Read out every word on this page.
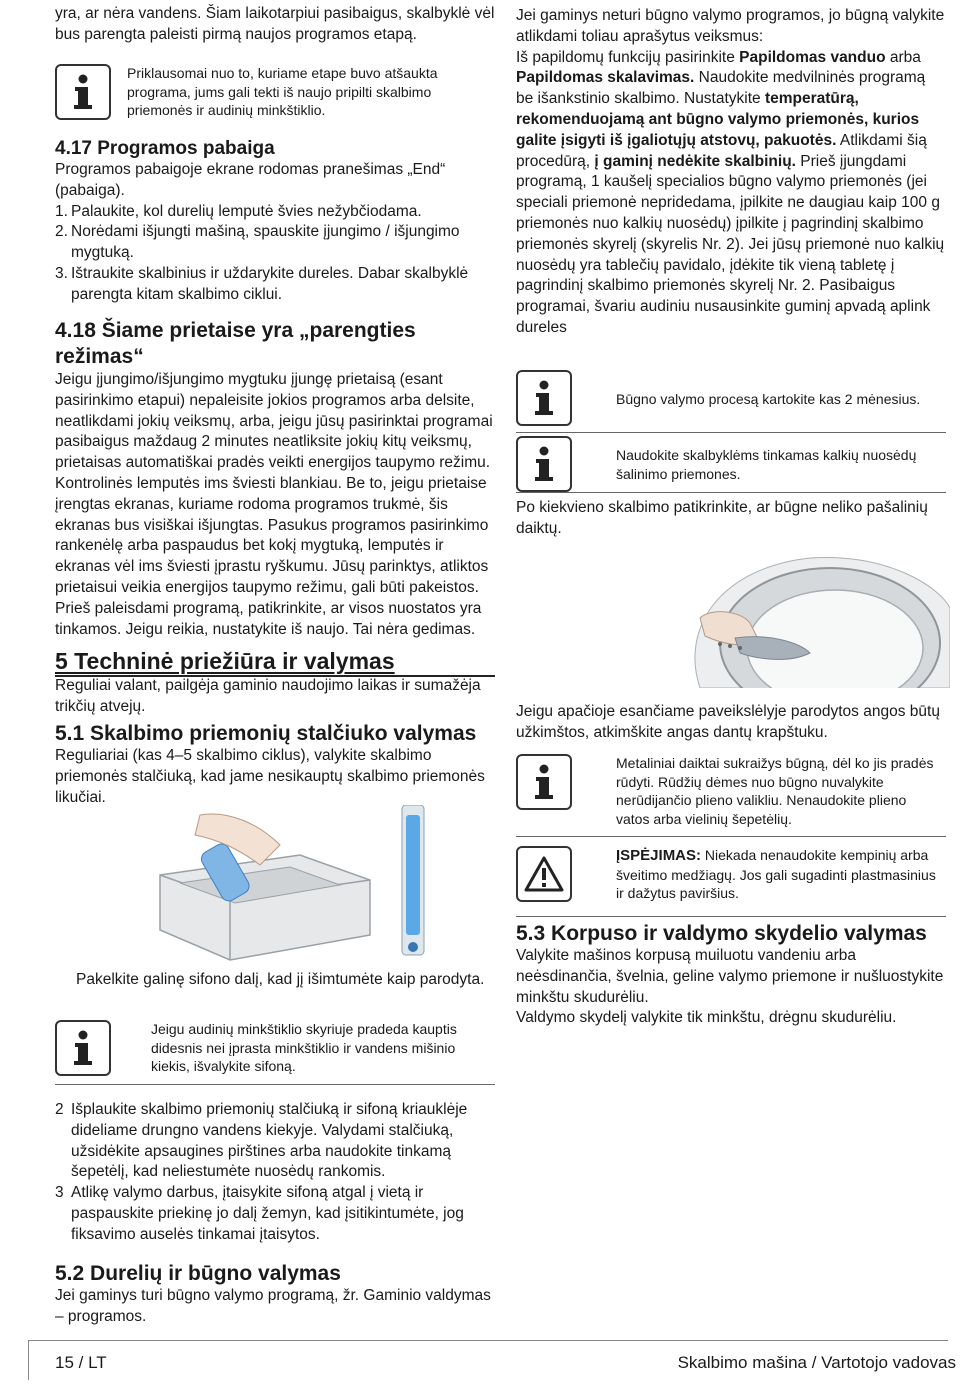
yra, ar nėra vandens. Šiam laikotarpiui pasibaigus, skalbyklė vėl bus parengta paleisti pirmą naujos programos etapą.

Priklausomai nuo to, kuriame etape buvo atšaukta programa, jums gali tekti iš naujo pripilti skalbimo priemonės ir audinių minkštiklio.

4.17 Programos pabaiga

Programos pabaigoje ekrane rodomas pranešimas „End“ (pabaiga).

1. Palaukite, kol durelių lemputė švies nežybčiodama.
2. Norėdami išjungti mašiną, spauskite įjungimo / išjungimo mygtuką.
3. Ištraukite skalbinius ir uždarykite dureles. Dabar skalbyklė parengta kitam skalbimo ciklui.

4.18 Šiame prietaise yra „parengties režimas“

Jeigu įjungimo/išjungimo mygtuku įjungę prietaisą (esant pasirinkimo etapui) nepaleisite jokios programos arba delsite, neatlikdami jokių veiksmų, arba, jeigu jūsų pasirinktai programai pasibaigus maždaug 2 minutes neatliksite jokių kitų veiksmų, prietaisas automatiškai pradės veikti energijos taupymo režimu. Kontrolinės lemputės ims šviesti blankiau. Be to, jeigu prietaise įrengtas ekranas, kuriame rodoma programos trukmė, šis ekranas bus visiškai išjungtas. Pasukus programos pasirinkimo rankenėlę arba paspaudus bet kokį mygtuką, lemputės ir ekranas vėl ims šviesti įprastu ryškumu. Jūsų parinktys, atliktos prietaisui veikia energijos taupymo režimu, gali būti pakeistos. Prieš paleisdami programą, patikrinkite, ar visos nuostatos yra tinkamos. Jeigu reikia, nustatykite iš naujo. Tai nėra gedimas.

5 Techninė priežiūra ir valymas

Reguliai valant, pailgėja gaminio naudojimo laikas ir sumažėja trikčių atvejų.

5.1 Skalbimo priemonių stalčiuko valymas

Reguliariai (kas 4–5 skalbimo ciklus), valykite skalbimo priemonės stalčiuką, kad jame nesikauptų skalbimo priemonės likučiai.

Pakelkite galinę sifono dalį, kad jį išimtumėte kaip parodyta.

Jeigu audinių minkštiklio skyriuje pradeda kauptis didesnis nei įprasta minkštiklio ir vandens mišinio kiekis, išvalykite sifoną.

2 Išplaukite skalbimo priemonių stalčiuką ir sifoną kriauklėje dideliame drungno vandens kiekyje. Valydami stalčiuką, užsidėkite apsaugines pirštines arba naudokite tinkamą šepetėlį, kad neliestumėte nuosėdų rankomis.
3 Atlikę valymo darbus, įtaisykite sifoną atgal į vietą ir paspauskite priekinę jo dalį žemyn, kad įsitikintumėte, jog fiksavimo auselės tinkamai įtaisytos.

5.2 Durelių ir būgno valymas

Jei gaminys turi būgno valymo programą, žr. Gaminio valdymas – programos.

Jei gaminys neturi būgno valymo programos, jo būgną valykite atlikdami toliau aprašytus veiksmus:
Iš papildomų funkcijų pasirinkite Papildomas vanduo arba Papildomas skalavimas. Naudokite medvilninės programą be išankstinio skalbimo. Nustatykite temperatūrą, rekomenduojamą ant būgno valymo priemonės, kurios galite įsigyti iš įgaliotųjų atstovų, pakuotės. Atlikdami šią procedūrą, į gaminį nedėkite skalbinių. Prieš įjungdami programą, 1 kaušelį specialios būgno valymo priemonės (jei speciali priemonė nepridedama, įpilkite ne daugiau kaip 100 g priemonės nuo kalkių nuosėdų) įpilkite į pagrindinį skalbimo priemonės skyrelį (skyrelis Nr. 2). Jei jūsų priemonė nuo kalkių nuosėdų yra tablečių pavidalo, įdėkite tik vieną tabletę į pagrindinį skalbimo priemonės skyrelį Nr. 2. Pasibaigus programai, švariu audiniu nusausinkite guminį apvadą aplink dureles

Būgno valymo procesą kartokite kas 2 mėnesius.

Naudokite skalbyklėms tinkamas kalkių nuosėdų šalinimo priemones.

Po kiekvieno skalbimo patikrinkite, ar būgne neliko pašalinių daiktų.

Jeigu apačioje esančiame paveikslėlyje parodytos angos būtų užkimštos, atkimškite angas dantų krapštuku.

Metaliniai daiktai sukraižys būgną, dėl ko jis pradės rūdyti. Rūdžių dėmes nuo būgno nuvalykite nerūdijančio plieno valikliu. Nenaudokite plieno vatos arba vielinių šepetėlių.

ĮSPĖJIMAS: Niekada nenaudokite kempinių arba šveitimo medžiagų. Jos gali sugadinti plastmasinius ir dažytus paviršius.

5.3 Korpuso ir valdymo skydelio valymas

Valykite mašinos korpusą muiluotu vandeniu arba neėsdinančia, švelnia, geline valymo priemone ir nušluostykite minkštu skudurėliu.

Valdymo skydelį valykite tik minkštu, drėgnu skudurėliu.

15 / LT	Skalbimo mašina / Vartotojo vadovas
